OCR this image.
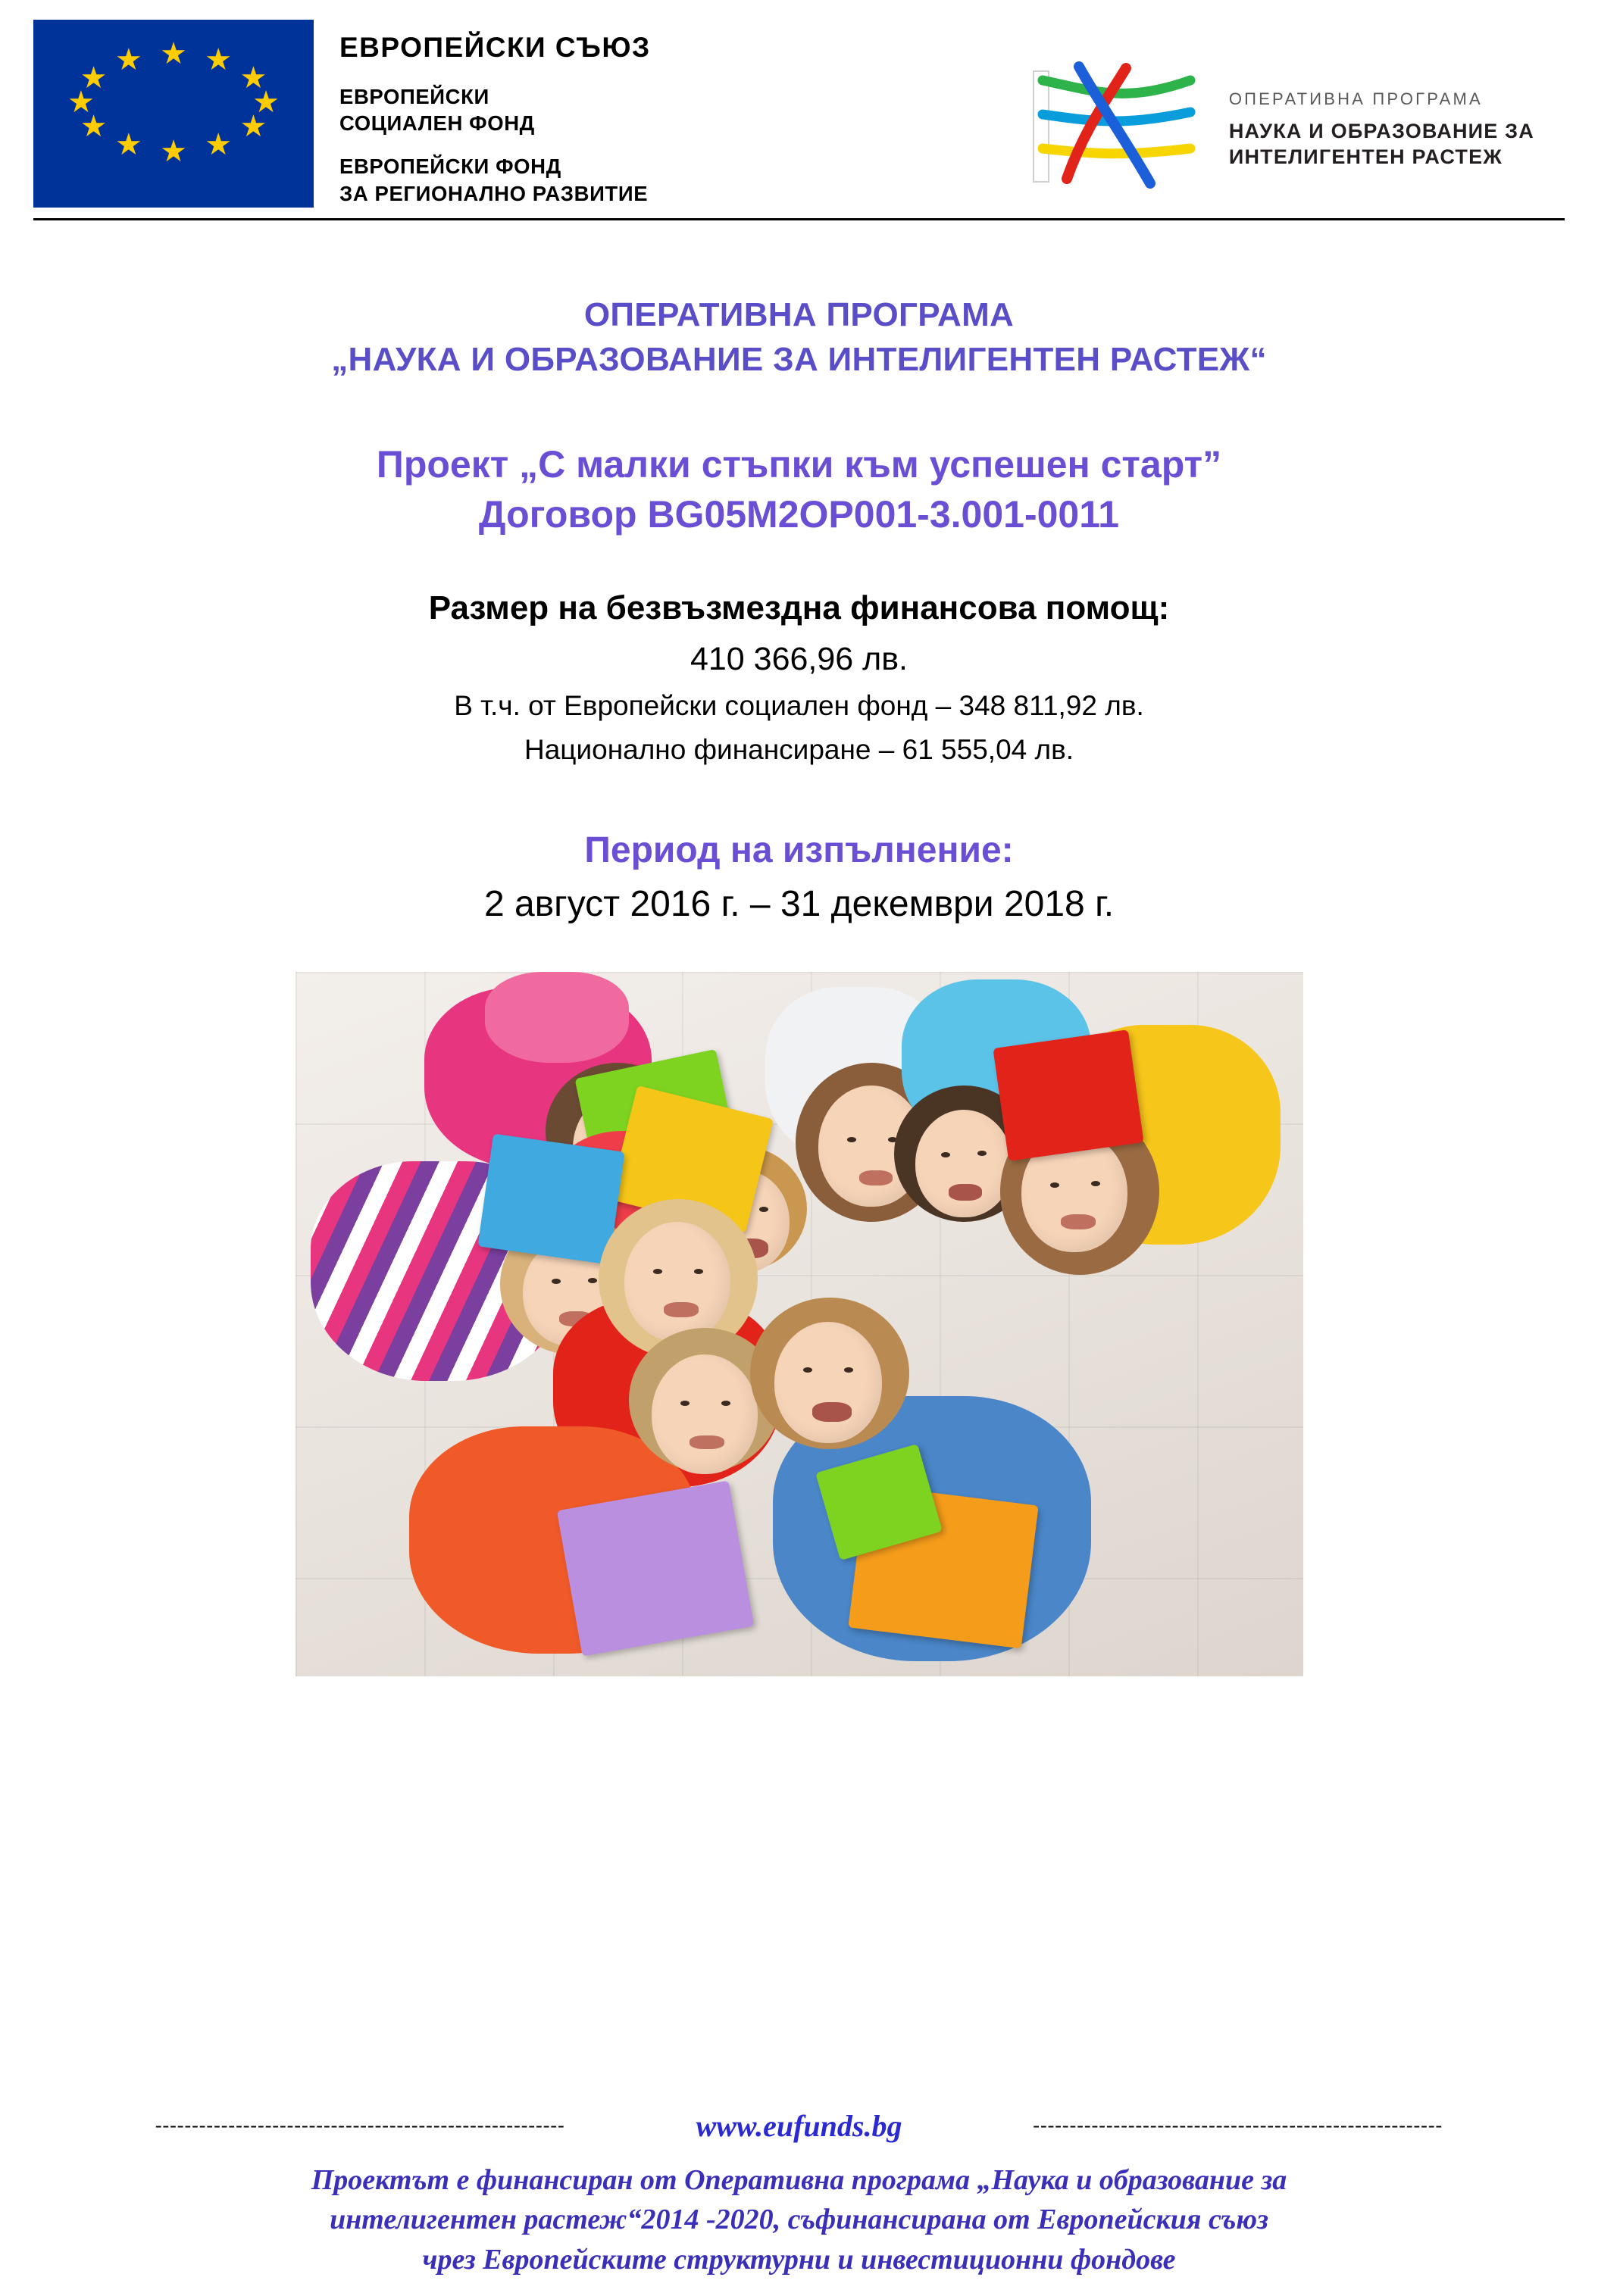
★ ★
★
★
★
★
★
★
★
★
★
★	ЕВРОПЕЙСКИ СЪЮЗ
ЕВРОПЕЙСКИ
СОЦИАЛЕН ФОНД
ЕВРОПЕЙСКИ ФОНД
ЗА РЕГИОНАЛНО РАЗВИТИЕ
ОПЕРАТИВНА ПРОГРАМА
НАУКА И ОБРАЗОВАНИЕ ЗА
ИНТЕЛИГЕНТЕН РАСТЕЖ
ОПЕРАТИВНА ПРОГРАМА
„НАУКА И ОБРАЗОВАНИЕ ЗА ИНТЕЛИГЕНТЕН РАСТЕЖ“
Проект „С малки стъпки към успешен старт”
Договор BG05M2OP001-3.001-0011
Размер на безвъзмездна финансова помощ:
410 366,96 лв.
В т.ч. от Европейски социален фонд – 348 811,92 лв.
Национално финансиране – 61 555,04 лв.
Период на изпълнение:
2 август 2016 г. – 31 декември 2018 г.
--------------------------------------------------------	www.eufunds.bg	--------------------------------------------------------
Проектът е финансиран от Оперативна програма „Наука и образование за
интелигентен растеж“2014 -2020, съфинансирана от Европейския съюз
чрез Европейските структурни и инвестиционни фондове
